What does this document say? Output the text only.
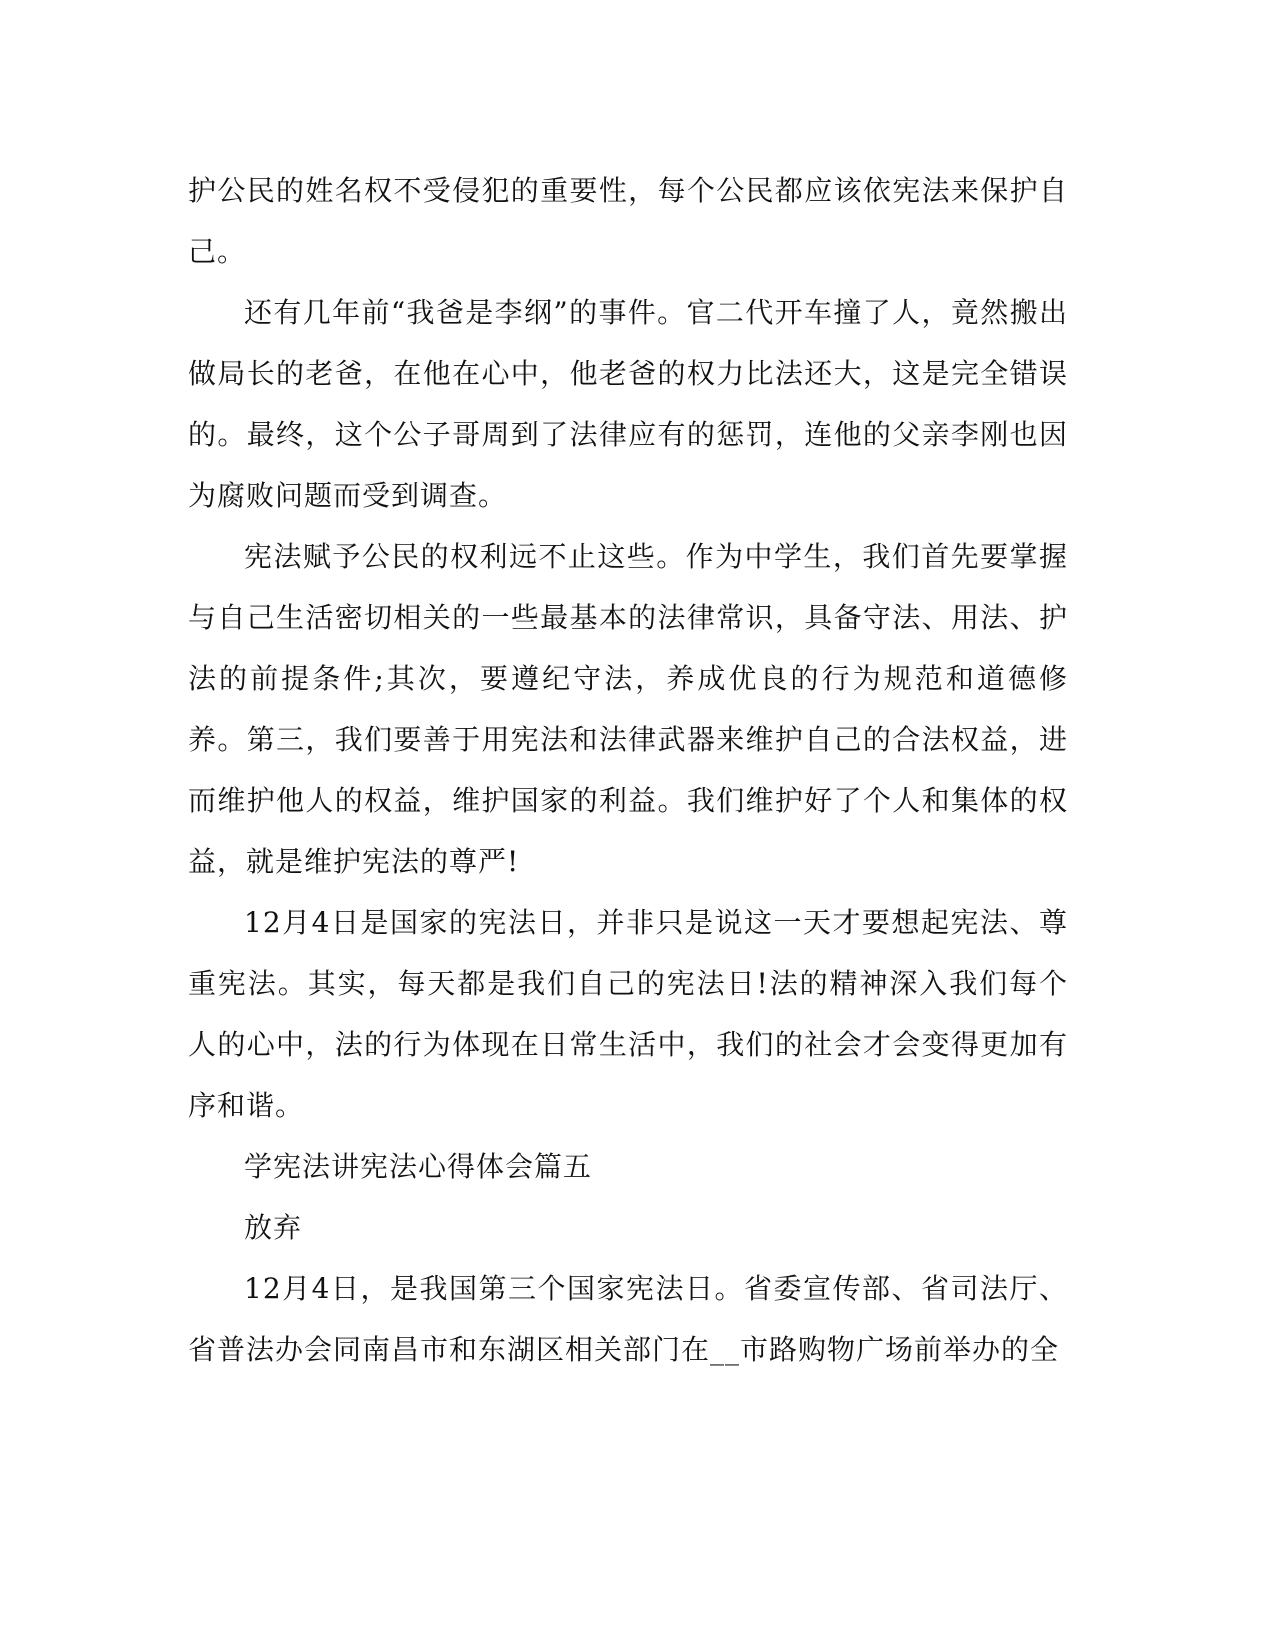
护公民的姓名权不受侵犯的重要性，每个公民都应该依宪法来保护自己。

还有几年前“我爸是李纲”的事件。官二代开车撞了人，竟然搬出做局长的老爸，在他在心中，他老爸的权力比法还大，这是完全错误的。最终，这个公子哥周到了法律应有的惩罚，连他的父亲李刚也因为腐败问题而受到调查。

宪法赋予公民的权利远不止这些。作为中学生，我们首先要掌握与自己生活密切相关的一些最基本的法律常识，具备守法、用法、护法的前提条件;其次，要遵纪守法，养成优良的行为规范和道德修养。第三，我们要善于用宪法和法律武器来维护自己的合法权益，进而维护他人的权益，维护国家的利益。我们维护好了个人和集体的权益，就是维护宪法的尊严!

12月4日是国家的宪法日，并非只是说这一天才要想起宪法、尊重宪法。其实，每天都是我们自己的宪法日!法的精神深入我们每个人的心中，法的行为体现在日常生活中，我们的社会才会变得更加有序和谐。

学宪法讲宪法心得体会篇五

放弃

12月4日，是我国第三个国家宪法日。省委宣传部、省司法厅、省普法办会同南昌市和东湖区相关部门在__市路购物广场前举办的全
